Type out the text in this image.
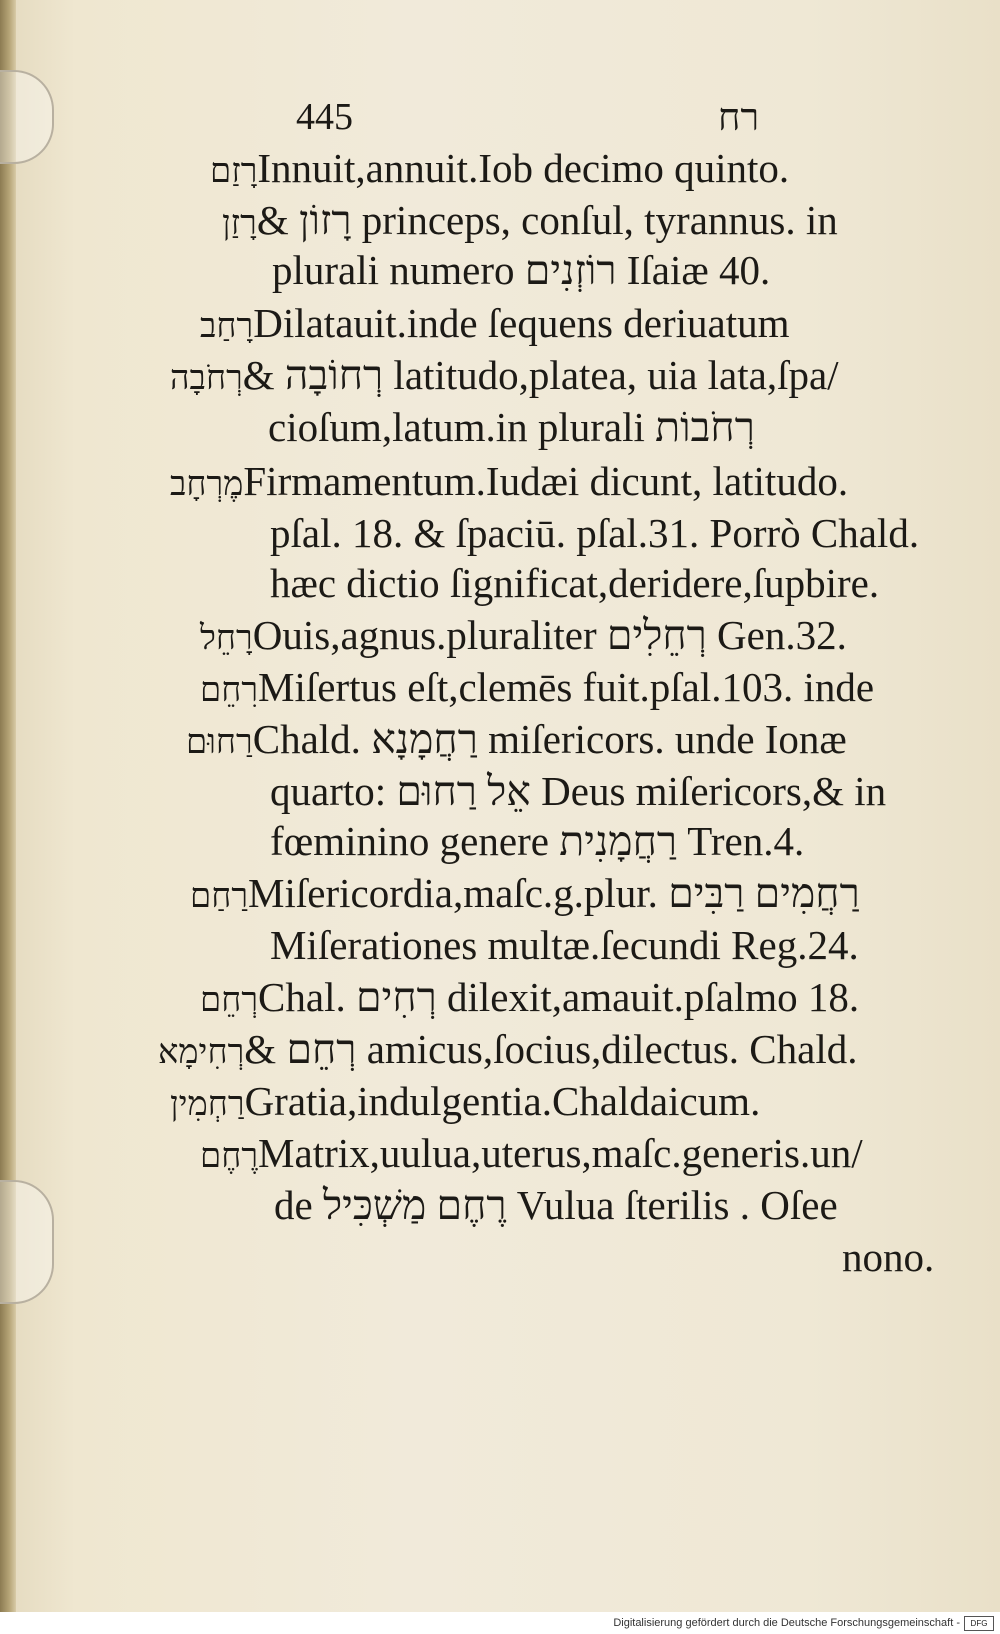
445	רח
רָזַםInnuit,annuit.Iob decimo quinto.
רָזַן& רָזוֹן princeps, conſul, tyrannus. in
plurali numero רוֹזְנִים Iſaiæ 40.
רָחַבDilatauit.inde ſequens deriuatum
רְחֹבָה& רְחוֹבָה latitudo,platea, uia lata,ſpa/
cioſum,latum.in plurali רְחֹבוֹת
מֶרְחָבFirmamentum.Iudæi dicunt, latitudo.
pſal. 18. & ſpaciū. pſal.31. Porrò Chald.
hæc dictio ſignificat,deridere,ſupbire.
רָחֵלOuis,agnus.pluraliter רְחֵלִים Gen.32.
רִחֵםMiſertus eſt,clemēs fuit.pſal.103. inde
רַחוּםChald. רַחֲמָנָא miſericors. unde Ionæ
quarto: אֵל רַחוּם Deus miſericors,& in
fœminino genere רַחֲמָנִית Tren.4.
רַחַםMiſericordia,maſc.g.plur. רַחֲמִים רַבִּים
Miſerationes multæ.ſecundi Reg.24.
רְחֵםChal. רְחִים dilexit,amauit.pſalmo 18.
רְחִימָא& רְחֵם amicus,ſocius,dilectus. Chald.
רַחְמִיןGratia,indulgentia.Chaldaicum.
רֶחֶםMatrix,uulua,uterus,maſc.generis.un/
de רֶחֶם מַשְׁכִּיל Vulua ſterilis . Oſee
nono.
Digitalisierung gefördert durch die Deutsche Forschungsgemeinschaft -	DFG
